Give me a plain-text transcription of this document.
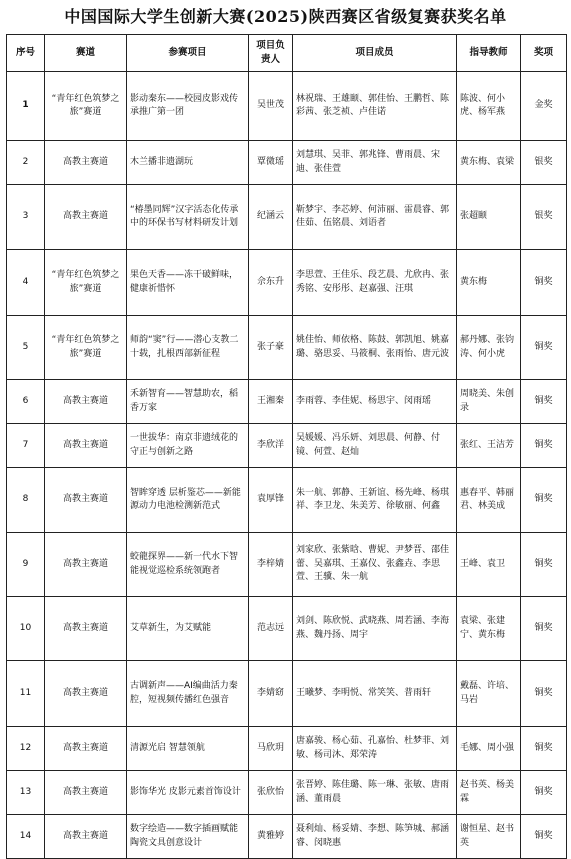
中国国际大学生创新大赛(2025)陕西赛区省级复赛获奖名单
序号	赛道	参赛项目	项目负责人	项目成员	指导教师	奖项
1	“青年红色筑梦之旅”赛道	影动秦东——校园皮影戏传承推广第一团	吴世茂	林祝瑞、王雄颐、郭佳怡、王鹏哲、陈彩茜、张芝祯、卢佳诺	陈波、何小虎、杨军燕	金奖
2	高教主赛道	木兰播非遗湖玩	覃微瑶	刘慧琪、吴菲、郭兆锋、曹雨晨、宋迪、张佳萱	黄东梅、袁梁	银奖
3	高教主赛道	“椿墨同辉”汉字活态化传承中的环保书写材料研发计划	纪涵云	靳梦宇、李芯婷、何沛丽、雷晨睿、郭佳茹、伍铭晨、刘语者	张超颐	银奖
4	“青年红色筑梦之旅”赛道	果色天香——冻干破鲜味，健康祈惜怀	佘东升	李思萱、王佳乐、段艺晨、尤欣冉、张秀铭、安彤彤、赵嘉强、汪琪	黄东梅	铜奖
5	“青年红色筑梦之旅”赛道	师韵“窦”行——潜心支教二十载，扎根西部新征程	张子豪	姚佳怡、师依格、陈鼓、郭凯旭、姚嘉璐、骆思妥、马筱桐、张雨怡、唐元波	郝丹娜、张钧涛、何小虎	铜奖
6	高教主赛道	禾新智育——智慧助农，稻香万家	王湘秦	李雨蓉、李佳妮、杨思宇、闵雨瑶	周晓美、朱创录	铜奖
7	高教主赛道	一世拔华：南京非遗绒花的守正与创新之路	李欣洋	吴媛媛、冯乐妍、刘思晨、何静、付镜、何萱、赵灿	张红、王洁芳	铜奖
8	高教主赛道	智眸穿透 层析鉴芯——新能源动力电池检测新范式	袁厚锋	朱一航、郭静、王新谊、杨先峰、杨琪祥、李卫龙、朱美芳、徐敏丽、何鑫	惠春平、韩丽君、林美成	铜奖
9	高教主赛道	蛟龍探界——新一代水下智能视觉巡检系统领跑者	李梓婧	刘家欣、张紫晗、曹妮、尹梦晋、邵佳蕾、吴嘉琪、王嘉仪、张鑫垚、李思萱、王骥、朱一航	王峰、袁卫	铜奖
10	高教主赛道	艾草新生，为艾赋能	范志远	刘剑、陈欣悦、武晓燕、周若涵、李海燕、魏丹扬、周宇	袁梁、张建宁、黄东梅	铜奖
11	高教主赛道	古调新声——AI编曲活力秦腔，短视频传播红色强音	李婧窈	王曦梦、李明悦、常笑笑、普雨轩	戴磊、许培、马岩	铜奖
12	高教主赛道	清源光启 智慧领航	马欣玥	唐嘉骏、杨心茹、孔嘉怡、杜梦菲、刘敏、杨司沐、郑荣涛	毛娜、周小强	铜奖
13	高教主赛道	影饰华光 皮影元素首饰设计	张欣怡	张晋婷、陈佳璐、陈一琳、张敏、唐雨涵、董雨晨	赵书英、杨美霖	铜奖
14	高教主赛道	数字绘造——数字插画赋能陶瓷文具创意设计	黄雅婷	聂利灿、杨妥婧、李想、陈笋城、郝涵睿、闵晓惠	谢恒星、赵书英	铜奖
